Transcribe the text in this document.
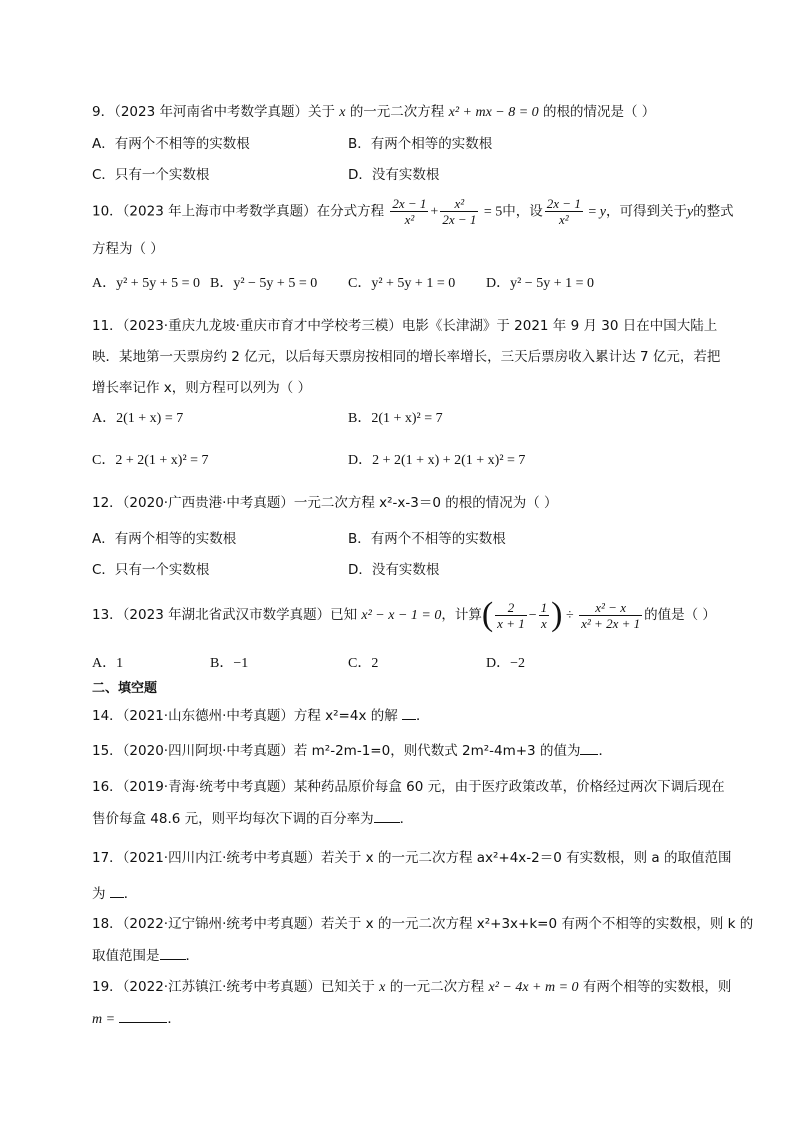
9．（2023 年河南省中考数学真题）关于 x 的一元二次方程 x² + mx − 8 = 0 的根的情况是（ ）
A．有两个不相等的实数根	B．有两个相等的实数根
C．只有一个实数根	D．没有实数根
10．（2023 年上海市中考数学真题）在分式方程 $\frac{2x - 1}{\text{x²}} + \frac{\text{x²}}{2x - 1} = 5$中，设 $\frac{2x - 1}{\text{x²}} = y$，可得到关于y的整式
方程为（ ）
A．y² + 5y + 5 = 0 B．y² − 5y + 5 = 0 C．y² + 5y + 1 = 0 D．y² − 5y + 1 = 0
11．（2023·重庆九龙坡·重庆市育才中学校考三模）电影《长津湖》于 2021 年 9 月 30 日在中国大陆上
映．某地第一天票房约 2 亿元，以后每天票房按相同的增长率增长，三天后票房收入累计达 7 亿元，若把
增长率记作 x，则方程可以列为（ ）
A．2(1 + x) = 7	B．2(1 + x)² = 7
C．2 + 2(1 + x)² = 7	D．2 + 2(1 + x) + 2(1 + x)² = 7
12．（2020·广西贵港·中考真题）一元二次方程 x²-x-3＝0 的根的情况为（ ）
A．有两个相等的实数根	B．有两个不相等的实数根
C．只有一个实数根	D．没有实数根
13．（2023 年湖北省武汉市数学真题）已知 x² − x − 1 = 0，计算( $\frac{2}{x + 1} - \frac{1}{x}$ ) ÷ $\frac{\text{x² − x}}{\text{x² + 2x + 1}}$ 的值是（ ）
A．1	B．−1	C．2	D．−2
二、填空题
14．（2021·山东德州·中考真题）方程 x²=4x 的解 ．
15．（2020·四川阿坝·中考真题）若 m²-2m-1=0，则代数式 2m²-4m+3 的值为 ．
16．（2019·青海·统考中考真题）某种药品原价每盒 60 元，由于医疗政策改革，价格经过两次下调后现在
售价每盒 48.6 元，则平均每次下调的百分率为 ．
17．（2021·四川内江·统考中考真题）若关于 x 的一元二次方程 ax²+4x-2＝0 有实数根，则 a 的取值范围
为 ．
18．（2022·辽宁锦州·统考中考真题）若关于 x 的一元二次方程 x²+3x+k=0 有两个不相等的实数根，则 k 的
取值范围是 ．
19．（2022·江苏镇江·统考中考真题）已知关于 x 的一元二次方程 x² − 4x + m = 0 有两个相等的实数根，则
m =	．
